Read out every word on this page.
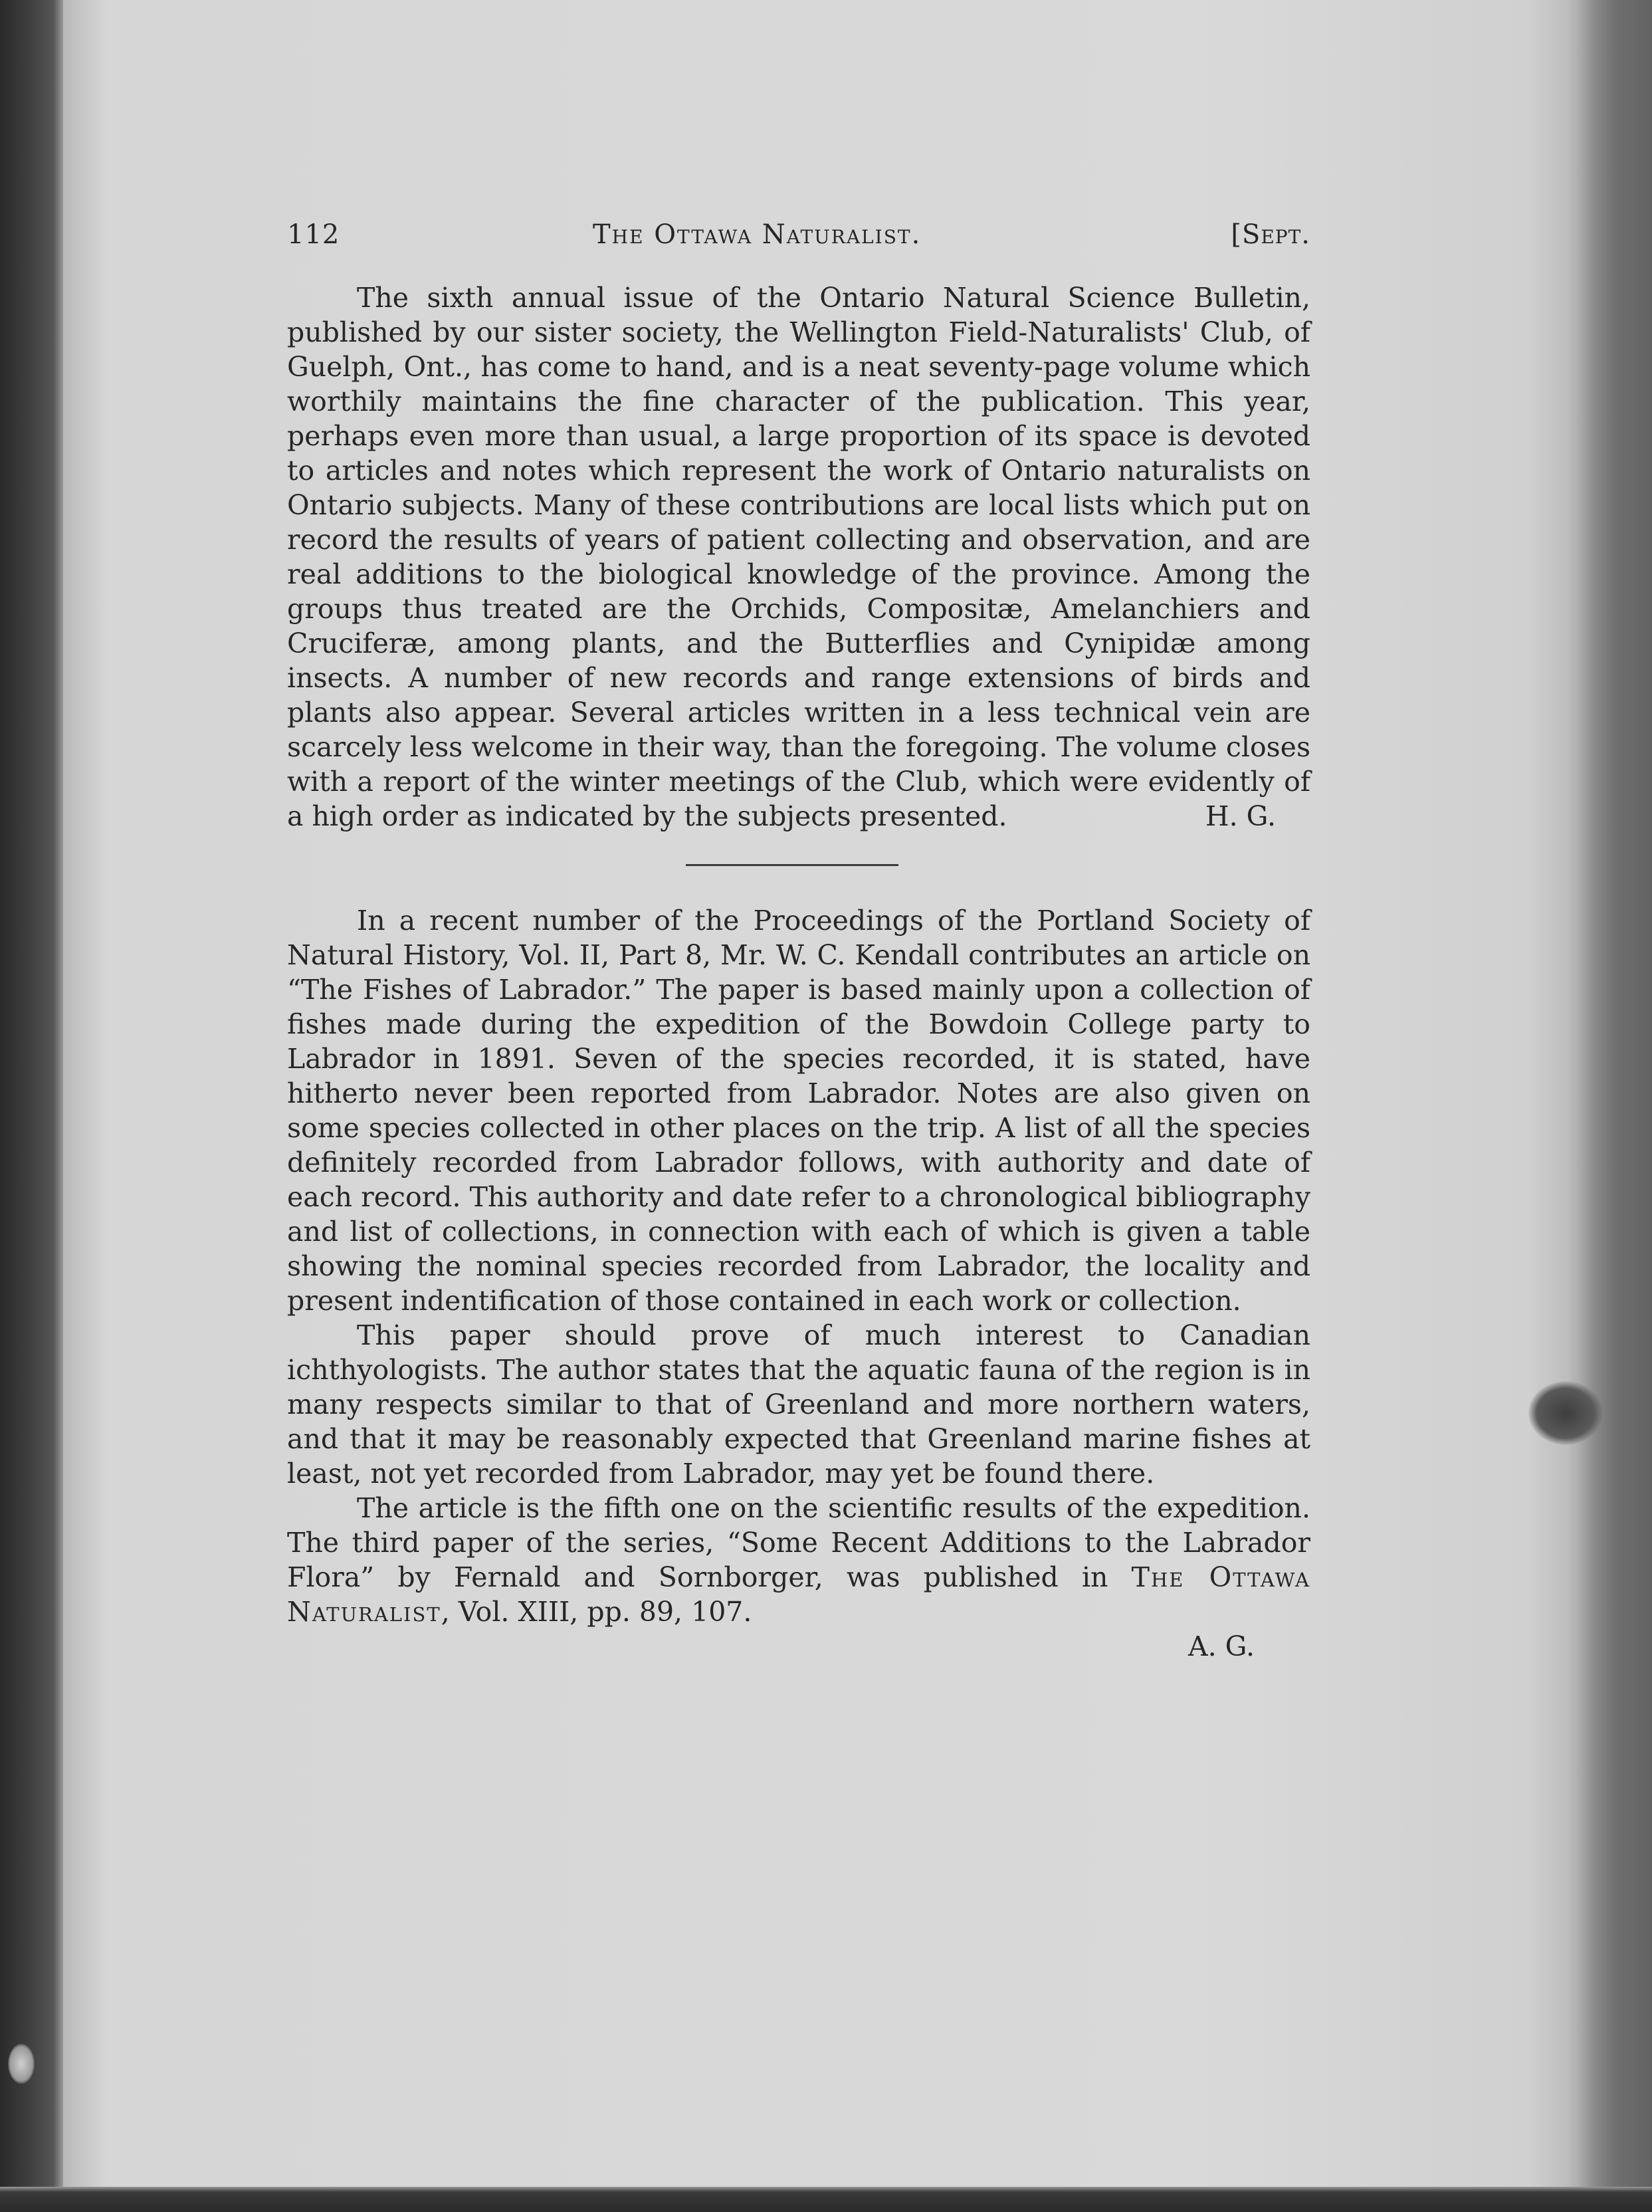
112	The Ottawa Naturalist.	[Sept.

The sixth annual issue of the Ontario Natural Science Bulletin, published by our sister society, the Wellington Field-Naturalists' Club, of Guelph, Ont., has come to hand, and is a neat seventy-page volume which worthily maintains the fine character of the publication. This year, perhaps even more than usual, a large proportion of its space is devoted to articles and notes which represent the work of Ontario naturalists on Ontario subjects. Many of these contributions are local lists which put on record the results of years of patient collecting and observation, and are real additions to the biological knowledge of the province. Among the groups thus treated are the Orchids, Compositæ, Amelanchiers and Cruciferæ, among plants, and the Butterflies and Cynipidæ among insects. A number of new records and range extensions of birds and plants also appear. Several articles written in a less technical vein are scarcely less welcome in their way, than the foregoing. The volume closes with a report of the winter meetings of the Club, which were evidently of a high order as indicated by the subjects presented.	H. G.

In a recent number of the Proceedings of the Portland Society of Natural History, Vol. II, Part 8, Mr. W. C. Kendall contributes an article on “The Fishes of Labrador.” The paper is based mainly upon a collection of fishes made during the expedition of the Bowdoin College party to Labrador in 1891. Seven of the species recorded, it is stated, have hitherto never been reported from Labrador. Notes are also given on some species collected in other places on the trip. A list of all the species definitely recorded from Labrador follows, with authority and date of each record. This authority and date refer to a chronological bibliography and list of collections, in connection with each of which is given a table showing the nominal species recorded from Labrador, the locality and present indentification of those contained in each work or collection.

This paper should prove of much interest to Canadian ichthyologists. The author states that the aquatic fauna of the region is in many respects similar to that of Greenland and more northern waters, and that it may be reasonably expected that Greenland marine fishes at least, not yet recorded from Labrador, may yet be found there.

The article is the fifth one on the scientific results of the expedition. The third paper of the series, “Some Recent Additions to the Labrador Flora” by Fernald and Sornborger, was published in The Ottawa Naturalist, Vol. XIII, pp. 89, 107.

A. G.
